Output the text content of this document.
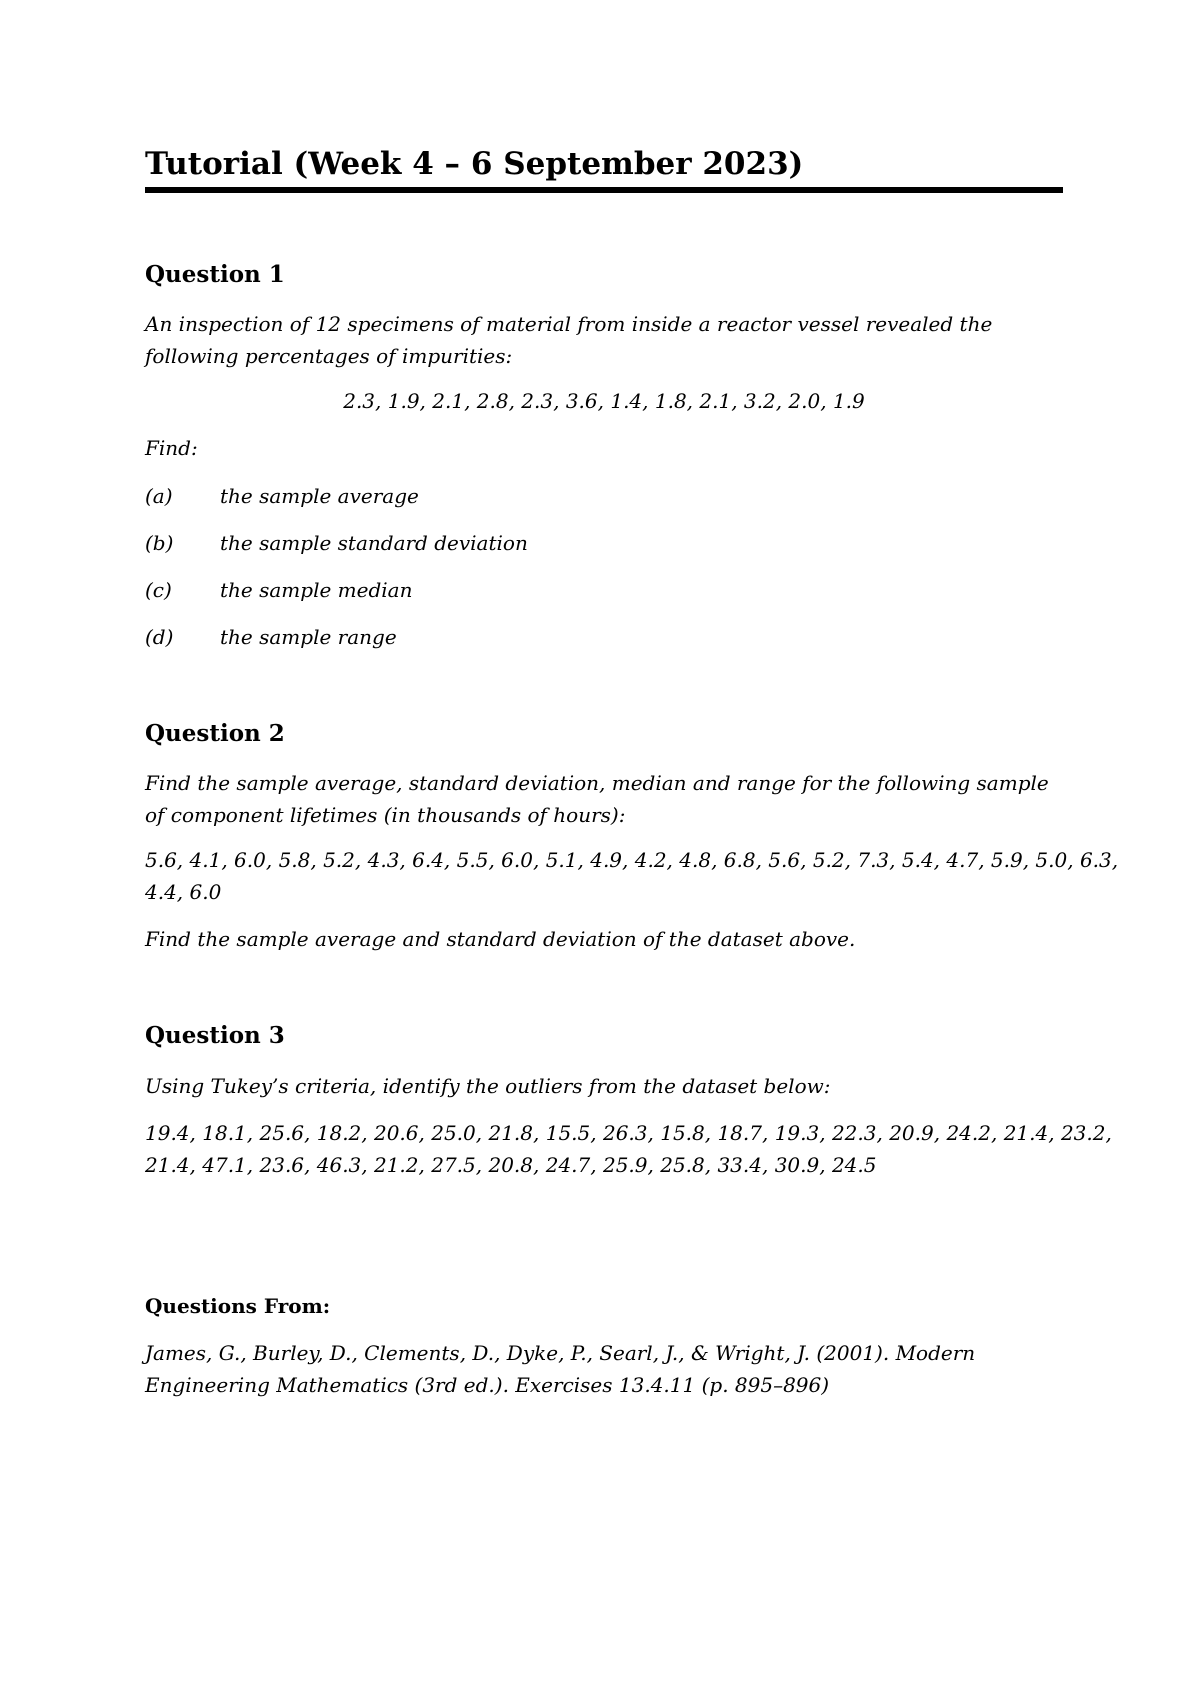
Tutorial (Week 4 – 6 September 2023)
Question 1
An inspection of 12 specimens of material from inside a reactor vessel revealed the
following percentages of impurities:
2.3, 1.9, 2.1, 2.8, 2.3, 3.6, 1.4, 1.8, 2.1, 3.2, 2.0, 1.9
Find:
(a) the sample average
(b) the sample standard deviation
(c) the sample median
(d) the sample range
Question 2
Find the sample average, standard deviation, median and range for the following sample
of component lifetimes (in thousands of hours):
5.6, 4.1, 6.0, 5.8, 5.2, 4.3, 6.4, 5.5, 6.0, 5.1, 4.9, 4.2, 4.8, 6.8, 5.6, 5.2, 7.3, 5.4, 4.7, 5.9, 5.0, 6.3,
4.4, 6.0
Find the sample average and standard deviation of the dataset above.
Question 3
Using Tukey’s criteria, identify the outliers from the dataset below:
19.4, 18.1, 25.6, 18.2, 20.6, 25.0, 21.8, 15.5, 26.3, 15.8, 18.7, 19.3, 22.3, 20.9, 24.2, 21.4, 23.2,
21.4, 47.1, 23.6, 46.3, 21.2, 27.5, 20.8, 24.7, 25.9, 25.8, 33.4, 30.9, 24.5
Questions From:
James, G., Burley, D., Clements, D., Dyke, P., Searl, J., & Wright, J. (2001). Modern
Engineering Mathematics (3rd ed.). Exercises 13.4.11 (p. 895–896)
